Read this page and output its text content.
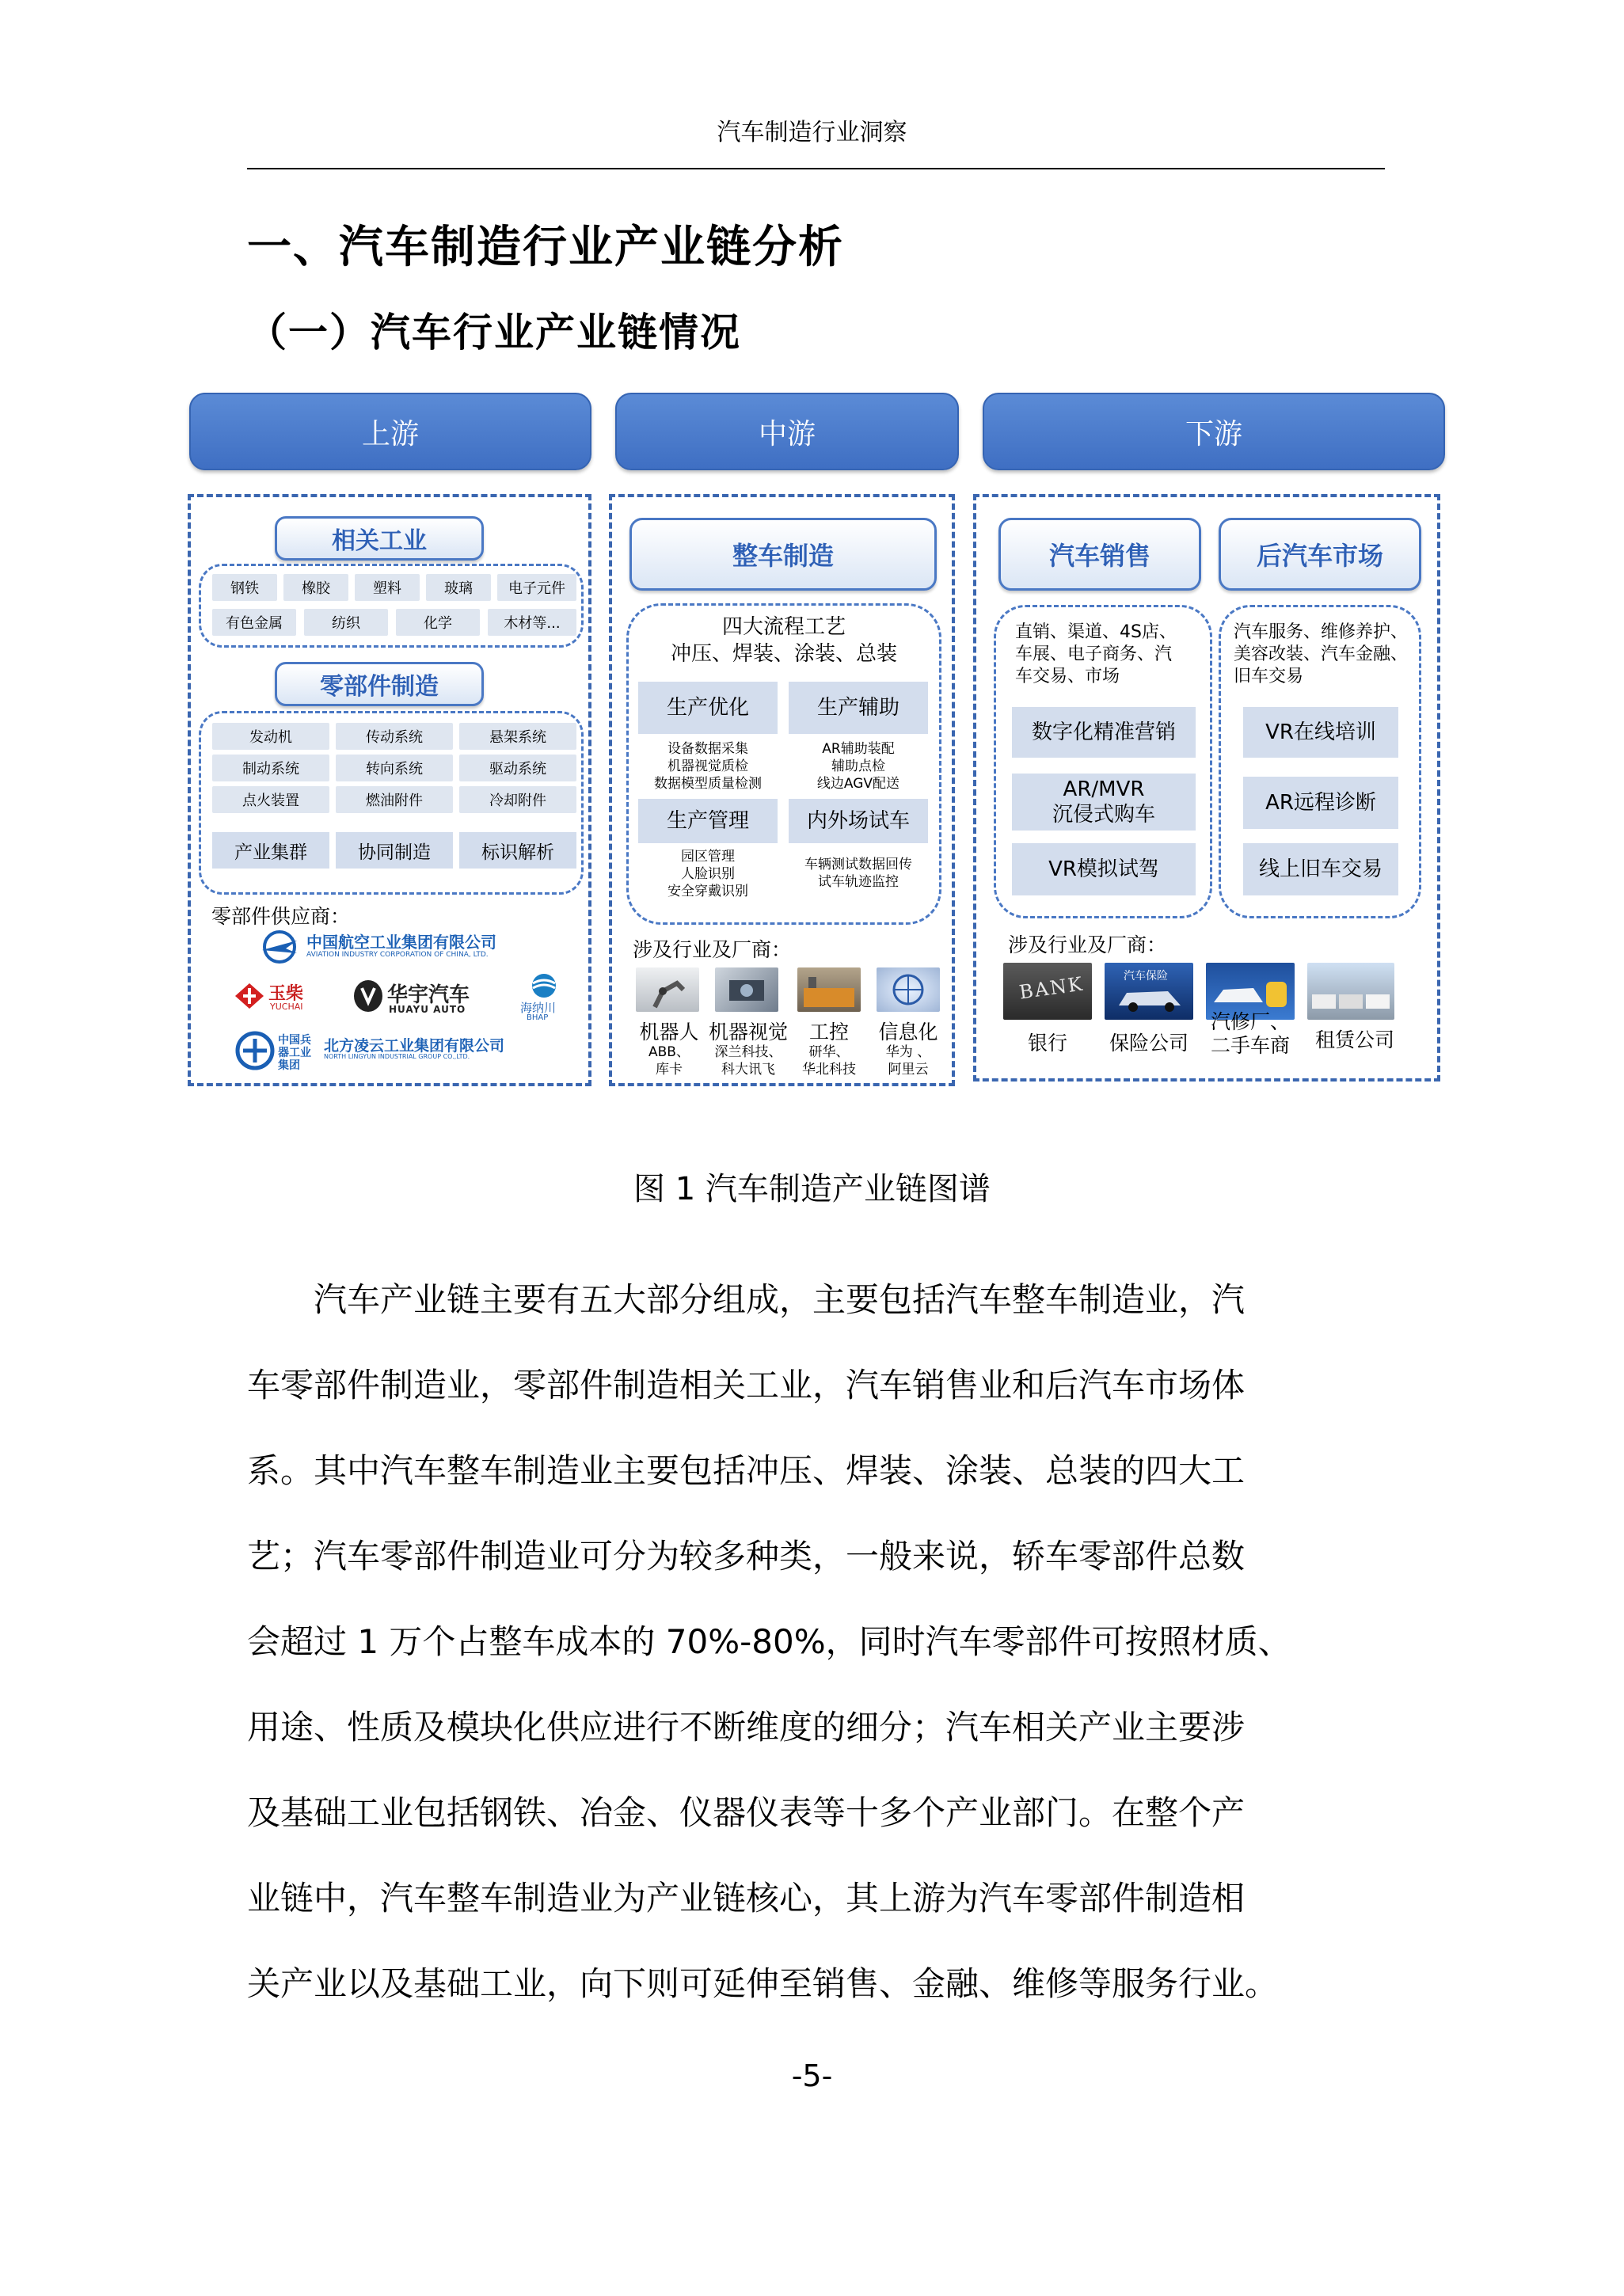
汽车制造行业洞察
一、汽车制造行业产业链分析
（一）汽车行业产业链情况
上游	中游	下游
相关工业
钢铁	橡胶	塑料	玻璃	电子元件
有色金属	纺织	化学	木材等...
零部件制造
发动机	传动系统	悬架系统
制动系统	转向系统	驱动系统
点火装置	燃油附件	冷却附件
产业集群	协同制造	标识解析
零部件供应商：
中国航空工业集团有限公司
AVIATION INDUSTRY CORPORATION OF CHINA, LTD.
玉柴
YUCHAI	华宇汽车
HUAYU AUTO	海纳川
BHAP
中国兵器工业集团
北方凌云工业集团有限公司
NORTH LINGYUN INDUSTRIAL GROUP CO.,LTD.
整车制造
四大流程工艺
冲压、焊装、涂装、总装
生产优化	生产辅助
设备数据采集
机器视觉质检
数据模型质量检测
AR辅助装配
辅助点检
线边AGV配送
生产管理	内外场试车
园区管理
人脸识别
安全穿戴识别
车辆测试数据回传
试车轨迹监控
涉及行业及厂商：
机器人 机器视觉	工控	信息化
ABB、
库卡
深兰科技、
科大讯飞
研华、
华北科技
华为 、
阿里云
汽车销售	后汽车市场
直销、渠道、4S店、
车展、电子商务、汽
车交易、市场
数字化精准营销
AR/MVR
沉侵式购车
VR模拟试驾
汽车服务、维修养护、
美容改装、汽车金融、
旧车交易
VR在线培训
AR远程诊断
线上旧车交易
涉及行业及厂商：
BANK	汽车保险
银行	保险公司
汽修厂、
二手车商	租赁公司
图 1 汽车制造产业链图谱
汽车产业链主要有五大部分组成，主要包括汽车整车制造业，汽
车零部件制造业，零部件制造相关工业，汽车销售业和后汽车市场体
系。其中汽车整车制造业主要包括冲压、焊装、涂装、总装的四大工
艺；汽车零部件制造业可分为较多种类，一般来说，轿车零部件总数
会超过 1 万个占整车成本的 70%-80%，同时汽车零部件可按照材质、
用途、性质及模块化供应进行不断维度的细分；汽车相关产业主要涉
及基础工业包括钢铁、冶金、仪器仪表等十多个产业部门。在整个产
业链中，汽车整车制造业为产业链核心，其上游为汽车零部件制造相
关产业以及基础工业，向下则可延伸至销售、金融、维修等服务行业。
-5-
